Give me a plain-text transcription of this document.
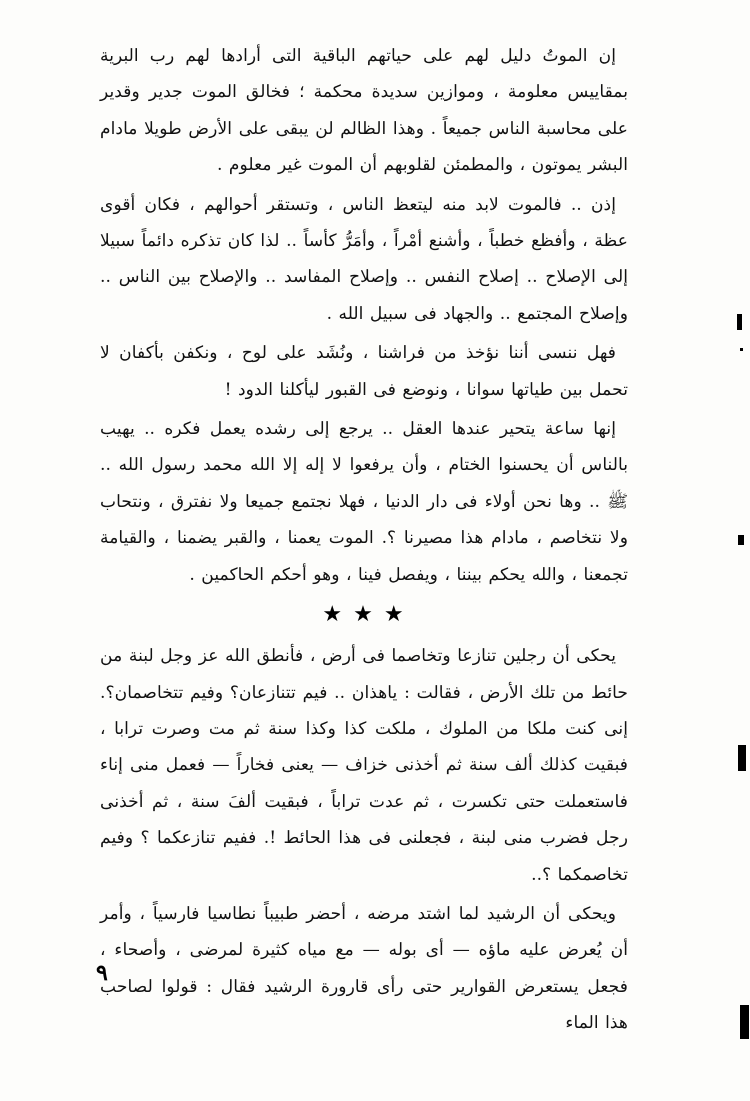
إن الموتُ دليل لهم على حياتهم الباقية التى أرادها لهم رب البرية بمقاييس معلومة ، وموازين سديدة محكمة ؛ فخالق الموت جدير وقدير على محاسبة الناس جميعاً . وهذا الظالم لن يبقى على الأرض طويلا مادام البشر يموتون ، والمطمئن لقلوبهم أن الموت غير معلوم .

إذن .. فالموت لابد منه ليتعظ الناس ، وتستقر أحوالهم ، فكان أقوى عظة ، وأفظع خطباً ، وأشنع أمْراً ، وأمَرُّ كأساً .. لذا كان تذكره دائماً سبيلا إلى الإصلاح .. إصلاح النفس .. وإصلاح المفاسد .. والإصلاح بين الناس .. وإصلاح المجتمع .. والجهاد فى سبيل الله .

فهل ننسى أننا نؤخذ من فراشنا ، ونُشَد على لوح ، ونكفن بأكفان لا تحمل بين طياتها سوانا ، ونوضع فى القبور ليأكلنا الدود !

إنها ساعة يتحير عندها العقل .. يرجع إلى رشده يعمل فكره .. يهيب بالناس أن يحسنوا الختام ، وأن يرفعوا لا إله إلا الله محمد رسول الله .. ﷺ .. وها نحن أولاء فى دار الدنيا ، فهلا نجتمع جميعا ولا نفترق ، ونتحاب ولا نتخاصم ، مادام هذا مصيرنا ؟. الموت يعمنا ، والقبر يضمنا ، والقيامة تجمعنا ، والله يحكم بيننا ، ويفصل فينا ، وهو أحكم الحاكمين .

★ ★ ★

يحكى أن رجلين تنازعا وتخاصما فى أرض ، فأنطق الله عز وجل لبنة من حائط من تلك الأرض ، فقالت : ياهذان .. فيم تتنازعان؟ وفيم تتخاصمان؟. إنى كنت ملكا من الملوك ، ملكت كذا وكذا سنة ثم مت وصرت ترابا ، فبقيت كذلك ألف سنة ثم أخذنى خزاف — يعنى فخاراً — فعمل منى إناء فاستعملت حتى تكسرت ، ثم عدت تراباً ، فبقيت ألفَ سنة ، ثم أخذنى رجل فضرب منى لبنة ، فجعلنى فى هذا الحائط !. ففيم تنازعكما ؟ وفيم تخاصمكما ؟..

ويحكى أن الرشيد لما اشتد مرضه ، أحضر طبيباً نطاسيا فارسياً ، وأمر أن يُعرض عليه ماؤه — أى بوله — مع مياه كثيرة لمرضى ، وأصحاء ، فجعل يستعرض القوارير حتى رأى قارورة الرشيد فقال : قولوا لصاحب هذا الماء

٩
